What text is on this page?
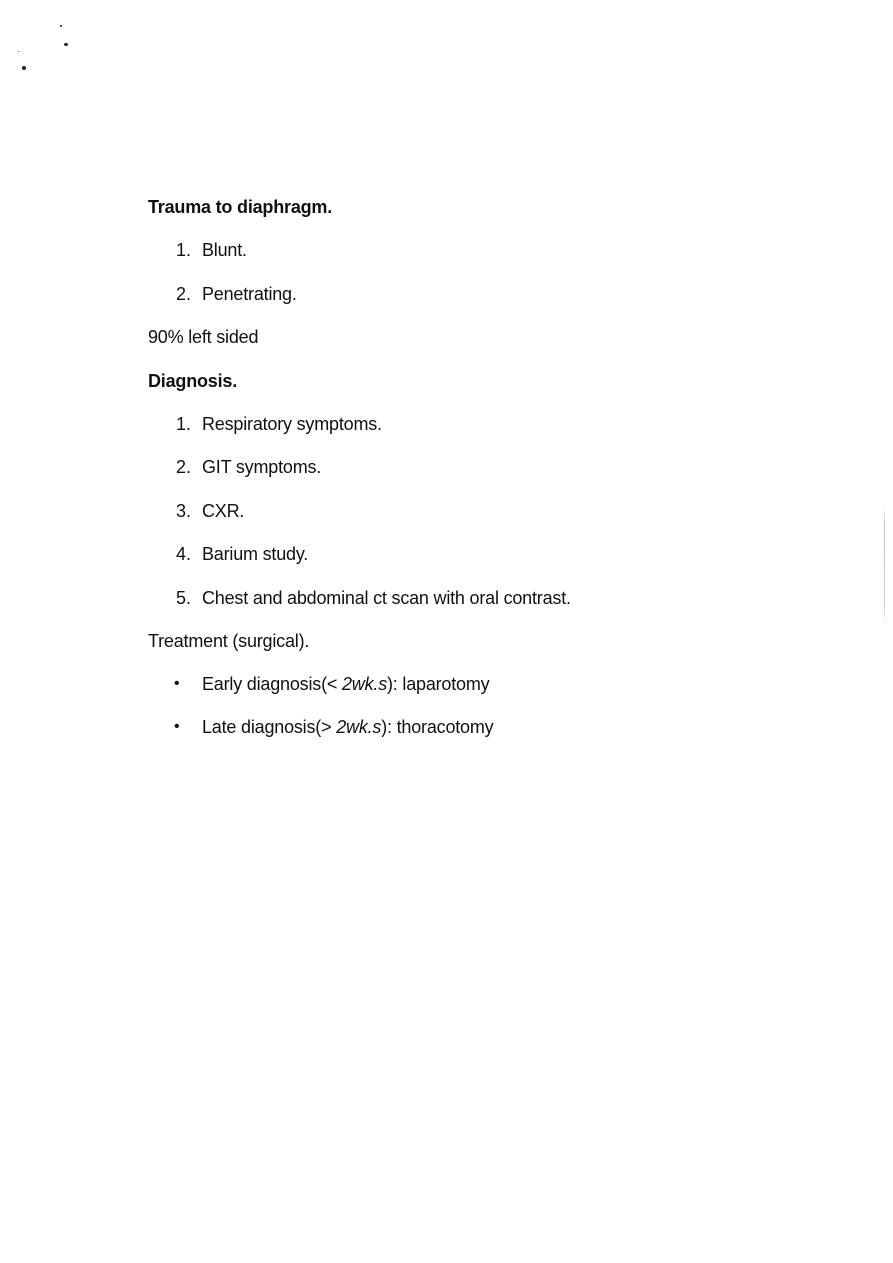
Trauma to diaphragm.
1. Blunt.
2. Penetrating.
90% left sided
Diagnosis.
1. Respiratory symptoms.
2. GIT symptoms.
3. CXR.
4. Barium study.
5. Chest and abdominal ct scan with oral contrast.
Treatment (surgical).
• Early diagnosis(< 2wk.s): laparotomy
• Late diagnosis(> 2wk.s): thoracotomy
